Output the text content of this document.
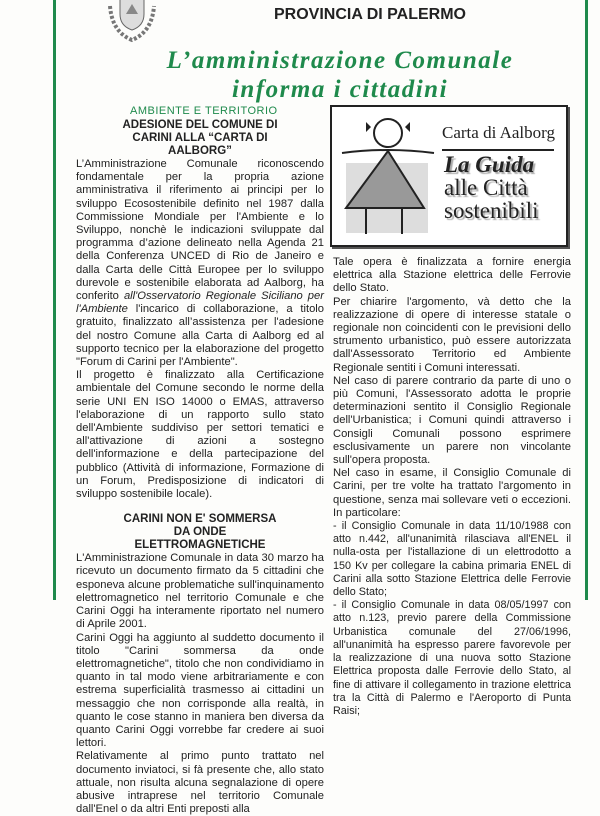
PROVINCIA DI PALERMO
L’amministrazione Comunale
informa i cittadini
AMBIENTE E TERRITORIO

ADESIONE DEL COMUNE DI CARINI ALLA “CARTA DI AALBORG”

L’Amministrazione Comunale riconoscendo fondamentale per la propria azione amministrativa il riferimento ai principi per lo sviluppo Ecosostenibile definito nel 1987 dalla Commissione Mondiale per l'Ambiente e lo Sviluppo, nonchè le indicazioni sviluppate dal programma d’azione delineato nella Agenda 21 della Conferenza UNCED di Rio de Janeiro e dalla Carta delle Città Europee per lo sviluppo durevole e sostenibile elaborata ad Aalborg, ha conferito all'Osservatorio Regionale Siciliano per l'Ambiente l'incarico di collaborazione, a titolo gratuito, finalizzato all’assistenza per l'adesione del nostro Comune alla Carta di Aalborg ed al supporto tecnico per la elaborazione del progetto "Forum di Carini per l'Ambiente".

Il progetto è finalizzato alla Certificazione ambientale del Comune secondo le norme della serie UNI EN ISO 14000 o EMAS, attraverso l'elaborazione di un rapporto sullo stato dell'Ambiente suddiviso per settori tematici e all'attivazione di azioni a sostegno dell'informazione e della partecipazione del pubblico (Attività di informazione, Formazione di un Forum, Predisposizione di indicatori di sviluppo sostenibile locale).

CARINI NON E' SOMMERSA DA ONDE ELETTROMAGNETICHE

L'Amministrazione Comunale in data 30 marzo ha ricevuto un documento firmato da 5 cittadini che esponeva alcune problematiche sull'inquinamento elettromagnetico nel territorio Comunale e che Carini Oggi ha interamente riportato nel numero di Aprile 2001.

Carini Oggi ha aggiunto al suddetto documento il titolo "Carini sommersa da onde elettromagnetiche", titolo che non condividiamo in quanto in tal modo viene arbitrariamente e con estrema superficialità trasmesso ai cittadini un messaggio che non corrisponde alla realtà, in quanto le cose stanno in maniera ben diversa da quanto Carini Oggi vorrebbe far credere ai suoi lettori.

Relativamente al primo punto trattato nel documento inviatoci, si fà presente che, allo stato attuale, non risulta alcuna segnalazione di opere abusive intraprese nel territorio Comunale dall'Enel o da altri Enti preposti alla

Carta di Aalborg
La Guida
alle Città
sostenibili

Tale opera è finalizzata a fornire energia elettrica alla Stazione elettrica delle Ferrovie dello Stato.

Per chiarire l'argomento, và detto che la realizzazione di opere di interesse statale o regionale non coincidenti con le previsioni dello strumento urbanistico, può essere autorizzata dall'Assessorato Territorio ed Ambiente Regionale sentiti i Comuni interessati.

Nel caso di parere contrario da parte di uno o più Comuni, l'Assessorato adotta le proprie determinazioni sentito il Consiglio Regionale dell'Urbanistica; i Comuni quindi attraverso i Consigli Comunali possono esprimere esclusivamente un parere non vincolante sull'opera proposta.

Nel caso in esame, il Consiglio Comunale di Carini, per tre volte ha trattato l'argomento in questione, senza mai sollevare veti o eccezioni. In particolare:

- il Consiglio Comunale in data 11/10/1988 con atto n.442, all'unanimità rilasciava all'ENEL il nulla-osta per l'istallazione di un elettrodotto a 150 Kv per collegare la cabina primaria ENEL di Carini alla sotto Stazione Elettrica delle Ferrovie dello Stato;

- il Consiglio Comunale in data 08/05/1997 con atto n.123, previo parere della Commissione Urbanistica comunale del 27/06/1996, all'unanimità ha espresso parere favorevole per la realizzazione di una nuova sotto Stazione Elettrica proposta dalle Ferrovie dello Stato, al fine di attivare il collegamento in trazione elettrica tra la Città di Palermo e l'Aeroporto di Punta Raisi;
